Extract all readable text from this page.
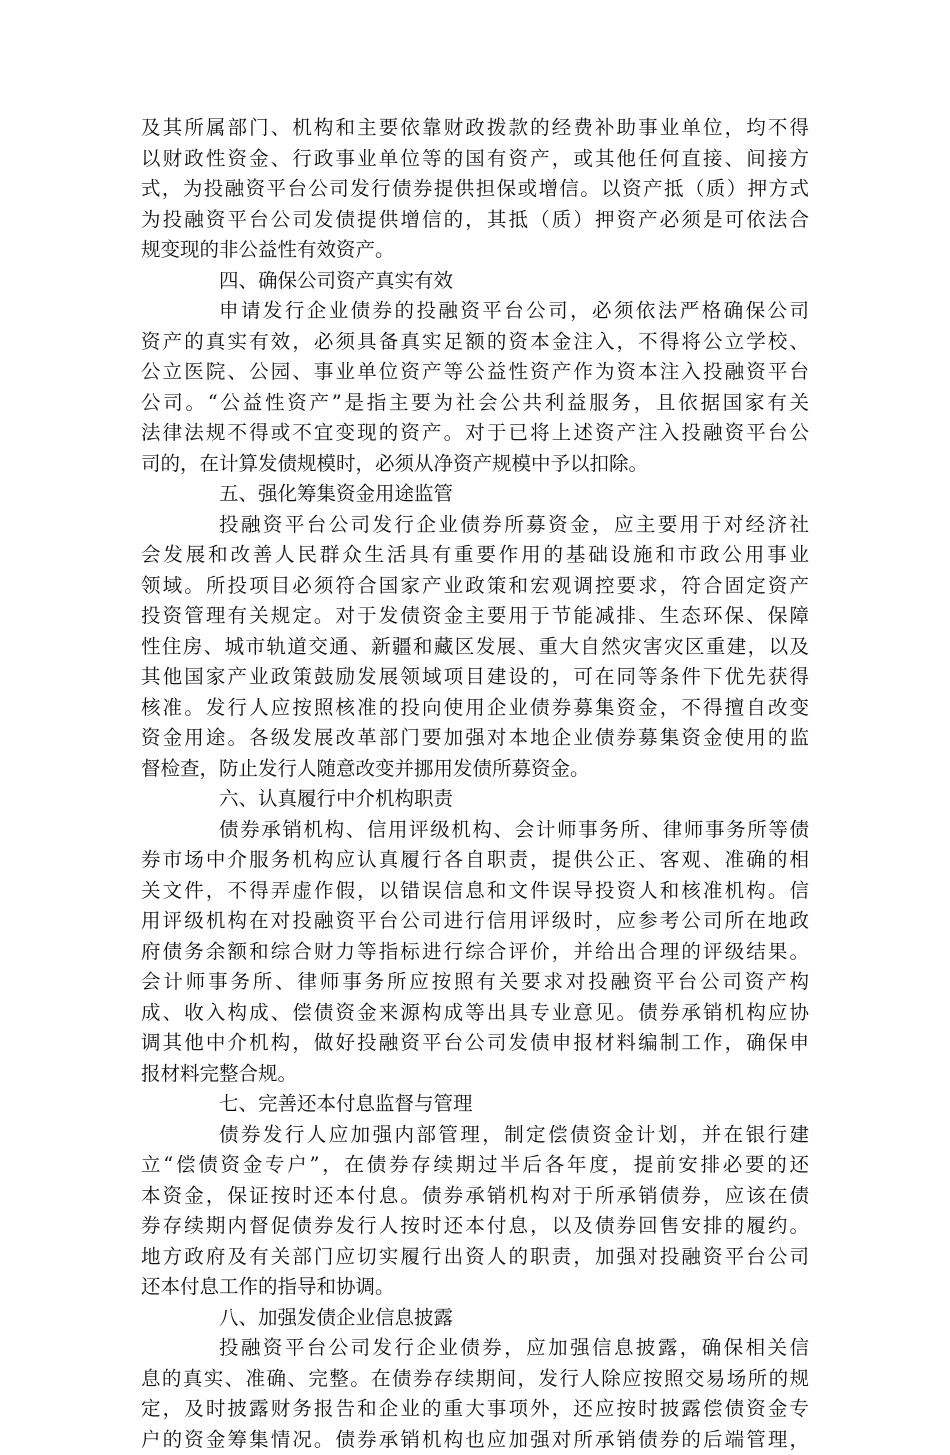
及其所属部门、机构和主要依靠财政拨款的经费补助事业单位，均不得
以财政性资金、行政事业单位等的国有资产，或其他任何直接、间接方
式，为投融资平台公司发行债券提供担保或增信。以资产抵（质）押方式
为投融资平台公司发债提供增信的，其抵（质）押资产必须是可依法合
规变现的非公益性有效资产。
四、确保公司资产真实有效
申请发行企业债券的投融资平台公司，必须依法严格确保公司
资产的真实有效，必须具备真实足额的资本金注入，不得将公立学校、
公立医院、公园、事业单位资产等公益性资产作为资本注入投融资平台
公司。“公益性资产”是指主要为社会公共利益服务，且依据国家有关
法律法规不得或不宜变现的资产。对于已将上述资产注入投融资平台公
司的，在计算发债规模时，必须从净资产规模中予以扣除。
五、强化筹集资金用途监管
投融资平台公司发行企业债券所募资金，应主要用于对经济社
会发展和改善人民群众生活具有重要作用的基础设施和市政公用事业
领域。所投项目必须符合国家产业政策和宏观调控要求，符合固定资产
投资管理有关规定。对于发债资金主要用于节能减排、生态环保、保障
性住房、城市轨道交通、新疆和藏区发展、重大自然灾害灾区重建，以及
其他国家产业政策鼓励发展领域项目建设的，可在同等条件下优先获得
核准。发行人应按照核准的投向使用企业债券募集资金，不得擅自改变
资金用途。各级发展改革部门要加强对本地企业债券募集资金使用的监
督检查，防止发行人随意改变并挪用发债所募资金。
六、认真履行中介机构职责
债券承销机构、信用评级机构、会计师事务所、律师事务所等债
券市场中介服务机构应认真履行各自职责，提供公正、客观、准确的相
关文件，不得弄虚作假，以错误信息和文件误导投资人和核准机构。信
用评级机构在对投融资平台公司进行信用评级时，应参考公司所在地政
府债务余额和综合财力等指标进行综合评价，并给出合理的评级结果。
会计师事务所、律师事务所应按照有关要求对投融资平台公司资产构
成、收入构成、偿债资金来源构成等出具专业意见。债券承销机构应协
调其他中介机构，做好投融资平台公司发债申报材料编制工作，确保申
报材料完整合规。
七、完善还本付息监督与管理
债券发行人应加强内部管理，制定偿债资金计划，并在银行建
立“偿债资金专户”，在债券存续期过半后各年度，提前安排必要的还
本资金，保证按时还本付息。债券承销机构对于所承销债券，应该在债
券存续期内督促债券发行人按时还本付息，以及债券回售安排的履约。
地方政府及有关部门应切实履行出资人的职责，加强对投融资平台公司
还本付息工作的指导和协调。
八、加强发债企业信息披露
投融资平台公司发行企业债券，应加强信息披露，确保相关信
息的真实、准确、完整。在债券存续期间，发行人除应按照交易场所的规
定，及时披露财务报告和企业的重大事项外，还应按时披露偿债资金专
户的资金筹集情况。债券承销机构也应加强对所承销债券的后端管理，
